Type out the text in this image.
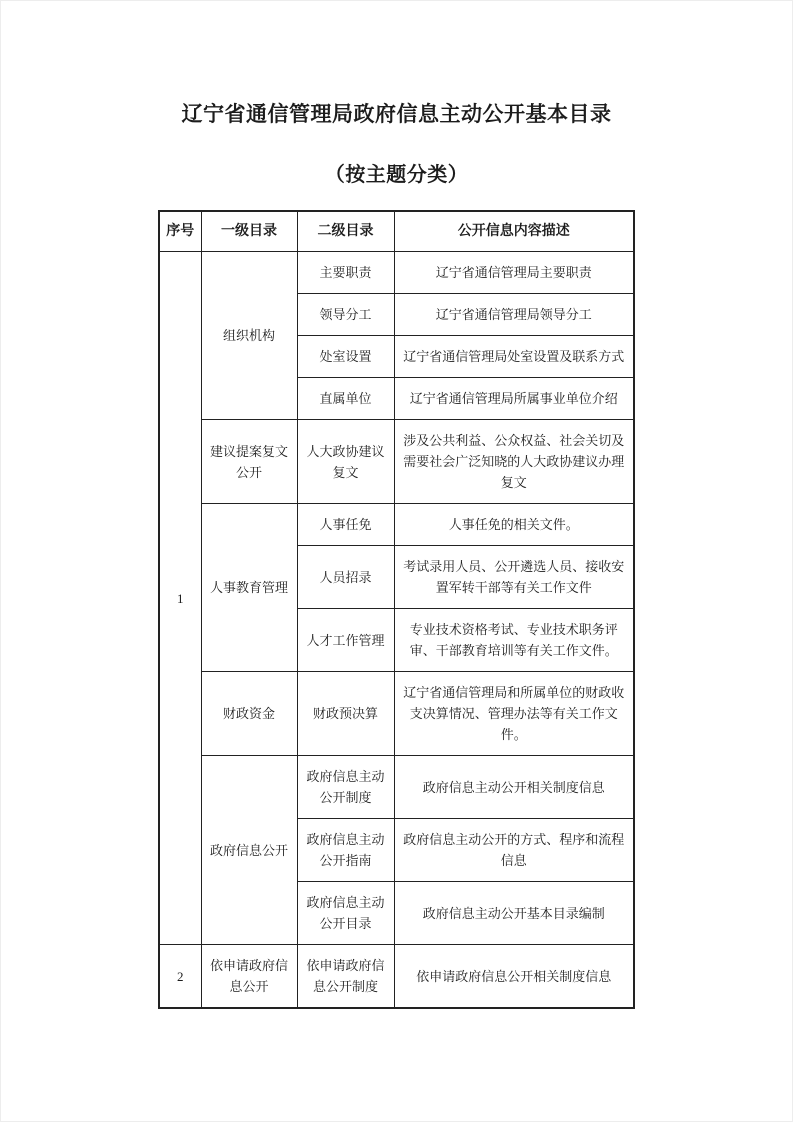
辽宁省通信管理局政府信息主动公开基本目录
（按主题分类）
序号	一级目录	二级目录	公开信息内容描述
1	组织机构	主要职责	辽宁省通信管理局主要职责
		领导分工	辽宁省通信管理局领导分工
		处室设置	辽宁省通信管理局处室设置及联系方式
		直属单位	辽宁省通信管理局所属事业单位介绍
	建议提案复文公开	人大政协建议复文	涉及公共利益、公众权益、社会关切及需要社会广泛知晓的人大政协建议办理复文
	人事教育管理	人事任免	人事任免的相关文件。
		人员招录	考试录用人员、公开遴选人员、接收安置军转干部等有关工作文件
		人才工作管理	专业技术资格考试、专业技术职务评审、干部教育培训等有关工作文件。
	财政资金	财政预决算	辽宁省通信管理局和所属单位的财政收支决算情况、管理办法等有关工作文件。
	政府信息公开	政府信息主动公开制度	政府信息主动公开相关制度信息
		政府信息主动公开指南	政府信息主动公开的方式、程序和流程信息
		政府信息主动公开目录	政府信息主动公开基本目录编制
2	依申请政府信息公开	依申请政府信息公开制度	依申请政府信息公开相关制度信息
